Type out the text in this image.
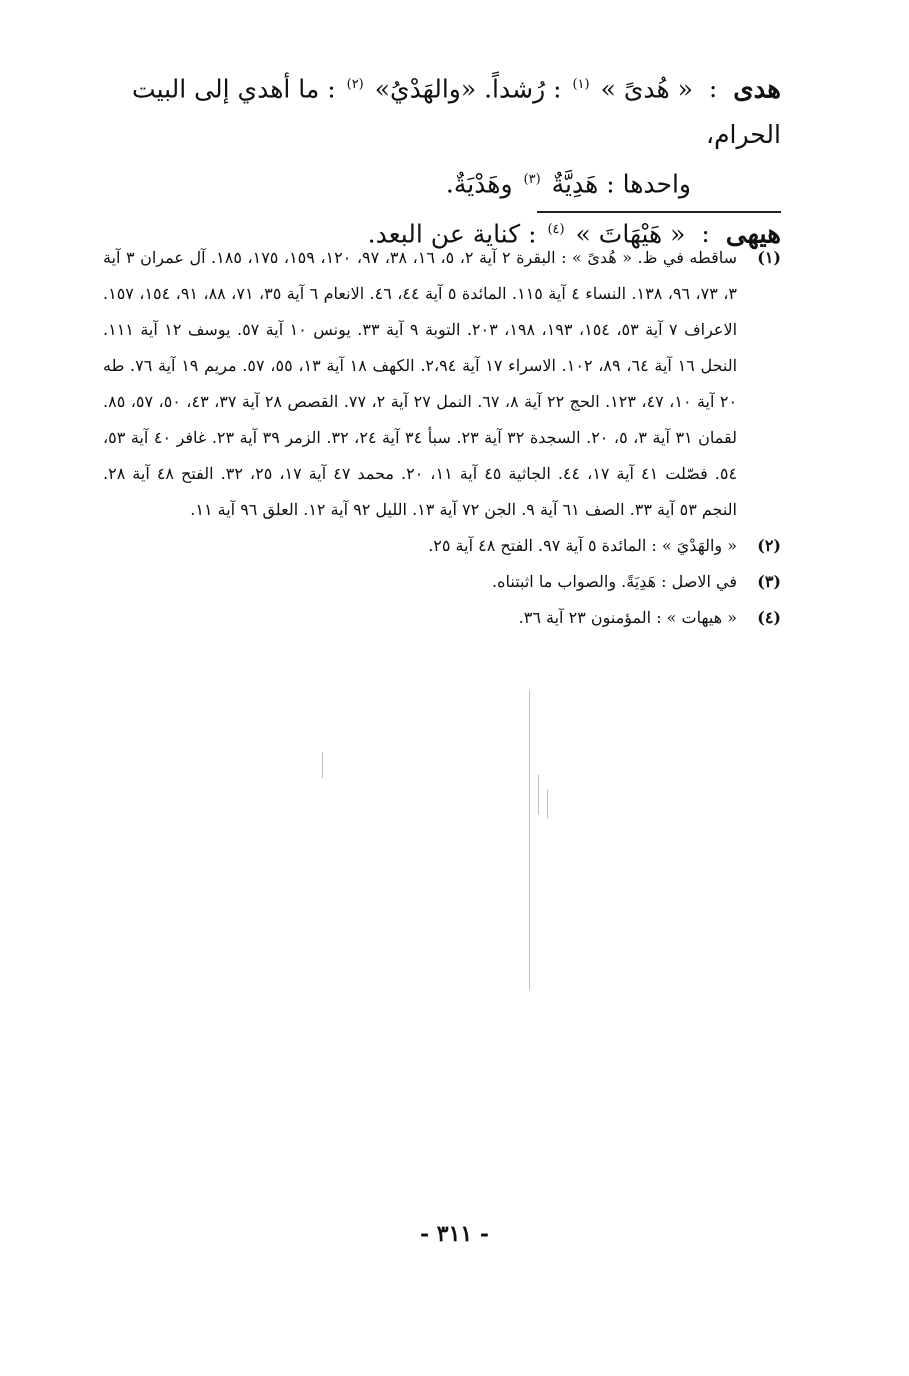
هدى : « هُدىً » $^{(١)}$ : رُشداً. «والهَدْيُ» $^{(٢)}$ : ما أهدي إلى البيت الحرام،
واحدها : هَدِيَّةٌ $^{(٣)}$ وهَدْيَةٌ.
هيهى : « هَيْهَاتَ » $^{(٤)}$ : كناية عن البعد.
(١)
ساقطه في ظ. « هُدىً » : البقرة ٢ آية ٢، ٥، ١٦، ٣٨، ٩٧، ١٢٠، ١٥٩، ١٧٥، ١٨٥. آل عمران ٣ آية ٣، ٧٣، ٩٦، ١٣٨. النساء ٤ آية ١١٥. المائدة ٥ آية ٤٤، ٤٦. الانعام ٦ آية ٣٥، ٧١، ٨٨، ٩١، ١٥٤، ١٥٧. الاعراف ٧ آية ٥٣، ١٥٤، ١٩٣، ١٩٨، ٢٠٣. التوبة ٩ آية ٣٣. يونس ١٠ آية ٥٧. يوسف ١٢ آية ١١١. النحل ١٦ آية ٦٤، ٨٩، ١٠٢. الاسراء ١٧ آية ٢،٩٤. الكهف ١٨ آية ١٣، ٥٥، ٥٧. مريم ١٩ آية ٧٦. طه ٢٠ آية ١٠، ٤٧، ١٢٣. الحج ٢٢ آية ٨، ٦٧. النمل ٢٧ آية ٢، ٧٧. القصص ٢٨ آية ٣٧، ٤٣، ٥٠، ٥٧، ٨٥. لقمان ٣١ آية ٣، ٥، ٢٠. السجدة ٣٢ آية ٢٣. سبأ ٣٤ آية ٢٤، ٣٢. الزمر ٣٩ آية ٢٣. غافر ٤٠ آية ٥٣، ٥٤. فصّلت ٤١ آية ١٧، ٤٤. الجاثية ٤٥ آية ١١، ٢٠. محمد ٤٧ آية ١٧، ٢٥، ٣٢. الفتح ٤٨ آية ٢٨. النجم ٥٣ آية ٣٣. الصف ٦١ آية ٩. الجن ٧٢ آية ١٣. الليل ٩٢ آية ١٢. العلق ٩٦ آية ١١.
(٢)
« والهَدْيَ » : المائدة ٥ آية ٩٧. الفتح ٤٨ آية ٢٥.
(٣)
في الاصل : هَدِيَةً. والصواب ما اثبتناه.
(٤)
« هيهات » : المؤمنون ٢٣ آية ٣٦.
- ٣١١ -
